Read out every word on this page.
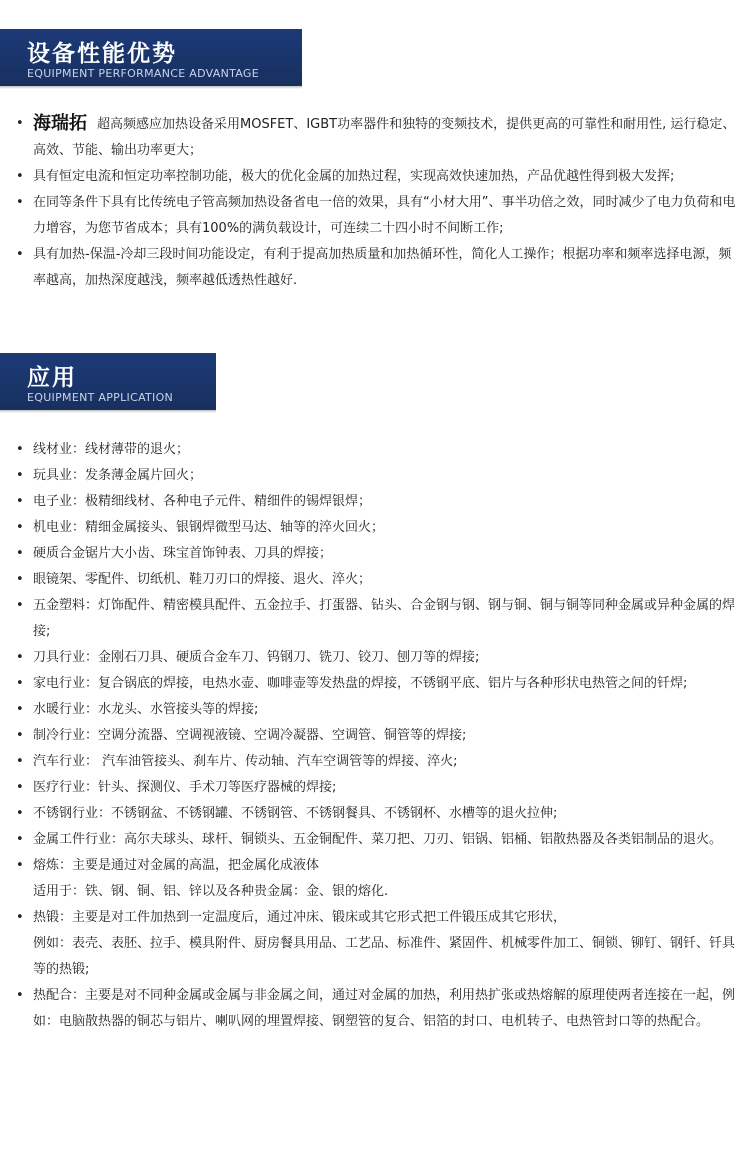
设备性能优势
EQUIPMENT PERFORMANCE ADVANTAGE
• 海瑞拓 超高频感应加热设备采用MOSFET、IGBT功率器件和独特的变频技术，提供更高的可靠性和耐用性, 运行稳定、高效、节能、输出功率更大；
• 具有恒定电流和恒定功率控制功能，极大的优化金属的加热过程，实现高效快速加热，产品优越性得到极大发挥;
• 在同等条件下具有比传统电子管高频加热设备省电一倍的效果，具有“小材大用”、事半功倍之效，同时减少了电力负荷和电力增容，为您节省成本；具有100%的满负载设计，可连续二十四小时不间断工作;
• 具有加热-保温-冷却三段时间功能设定，有利于提高加热质量和加热循环性，简化人工操作；根据功率和频率选择电源，频率越高，加热深度越浅，频率越低透热性越好.
应用
EQUIPMENT APPLICATION
• 线材业：线材薄带的退火；
• 玩具业：发条薄金属片回火；
• 电子业：极精细线材、各种电子元件、精细件的锡焊银焊；
• 机电业：精细金属接头、银钢焊微型马达、轴等的淬火回火；
• 硬质合金锯片大小齿、珠宝首饰钟表、刀具的焊接；
• 眼镜架、零配件、切纸机、鞋刀刃口的焊接、退火、淬火；
• 五金塑料：灯饰配件、精密模具配件、五金拉手、打蛋器、钻头、合金钢与钢、钢与铜、铜与铜等同种金属或异种金属的焊接;
• 刀具行业：金刚石刀具、硬质合金车刀、钨钢刀、铣刀、铰刀、刨刀等的焊接;
• 家电行业：复合锅底的焊接，电热水壶、咖啡壶等发热盘的焊接，不锈钢平底、铝片与各种形状电热管之间的钎焊;
• 水暖行业：水龙头、水管接头等的焊接;
• 制冷行业：空调分流器、空调视液镜、空调冷凝器、空调管、铜管等的焊接;
• 汽车行业： 汽车油管接头、刹车片、传动轴、汽车空调管等的焊接、淬火;
• 医疗行业：针头、探测仪、手术刀等医疗器械的焊接;
• 不锈钢行业：不锈钢盆、不锈钢罐、不锈钢管、不锈钢餐具、不锈钢杯、水槽等的退火拉伸;
• 金属工件行业：高尔夫球头、球杆、铜锁头、五金铜配件、菜刀把、刀刃、铝锅、铝桶、铝散热器及各类铝制品的退火。
• 熔炼：主要是通过对金属的高温，把金属化成液体
适用于：铁、钢、铜、铝、锌以及各种贵金属：金、银的熔化.
• 热锻：主要是对工件加热到一定温度后，通过冲床、锻床或其它形式把工件锻压成其它形状，
例如：表壳、表胚、拉手、模具附件、厨房餐具用品、工艺品、标准件、紧固件、机械零件加工、铜锁、铆钉、钢钎、钎具等的热锻;
• 热配合：主要是对不同种金属或金属与非金属之间，通过对金属的加热，利用热扩张或热熔解的原理使两者连接在一起，例如：电脑散热器的铜芯与铝片、喇叭网的埋置焊接、钢塑管的复合、铝箔的封口、电机转子、电热管封口等的热配合。
